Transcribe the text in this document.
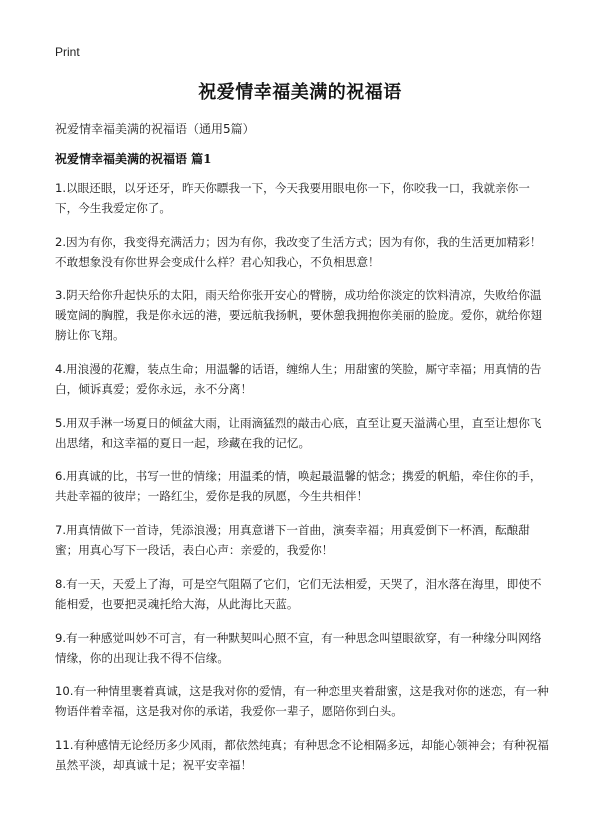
Print
祝爱情幸福美满的祝福语
祝爱情幸福美满的祝福语（通用5篇）
祝爱情幸福美满的祝福语 篇1
1.以眼还眼，以牙还牙，昨天你瞟我一下，今天我要用眼电你一下，你咬我一口，我就亲你一下，今生我爱定你了。
2.因为有你，我变得充满活力；因为有你，我改变了生活方式；因为有你，我的生活更加精彩！不敢想象没有你世界会变成什么样？君心知我心，不负相思意！
3.阴天给你升起快乐的太阳，雨天给你张开安心的臂膀，成功给你淡定的饮料清凉，失败给你温暖宽阔的胸膛，我是你永远的港，要远航我扬帆，要休憩我拥抱你美丽的脸庞。爱你，就给你翅膀让你飞翔。
4.用浪漫的花瓣，装点生命；用温馨的话语，缠绵人生；用甜蜜的笑脸，厮守幸福；用真情的告白，倾诉真爱；爱你永远，永不分离！
5.用双手淋一场夏日的倾盆大雨，让雨滴猛烈的敲击心底，直至让夏天溢满心里，直至让想你飞出思绪，和这幸福的夏日一起，珍藏在我的记忆。
6.用真诚的比，书写一世的情缘；用温柔的情，唤起最温馨的惦念；携爱的帆船，牵住你的手，共赴幸福的彼岸；一路红尘，爱你是我的夙愿，今生共相伴！
7.用真情做下一首诗，凭添浪漫；用真意谱下一首曲，演奏幸福；用真爱倒下一杯酒，酝酿甜蜜；用真心写下一段话，表白心声：亲爱的，我爱你！
8.有一天，天爱上了海，可是空气阻隔了它们，它们无法相爱，天哭了，泪水落在海里，即使不能相爱，也要把灵魂托给大海，从此海比天蓝。
9.有一种感觉叫妙不可言，有一种默契叫心照不宣，有一种思念叫望眼欲穿，有一种缘分叫网络情缘，你的出现让我不得不信缘。
10.有一种情里裹着真诚，这是我对你的爱情，有一种恋里夹着甜蜜，这是我对你的迷恋，有一种物语伴着幸福，这是我对你的承诺，我爱你一辈子，愿陪你到白头。
11.有种感情无论经历多少风雨，都依然纯真；有种思念不论相隔多远，却能心领神会；有种祝福虽然平淡，却真诚十足；祝平安幸福！
